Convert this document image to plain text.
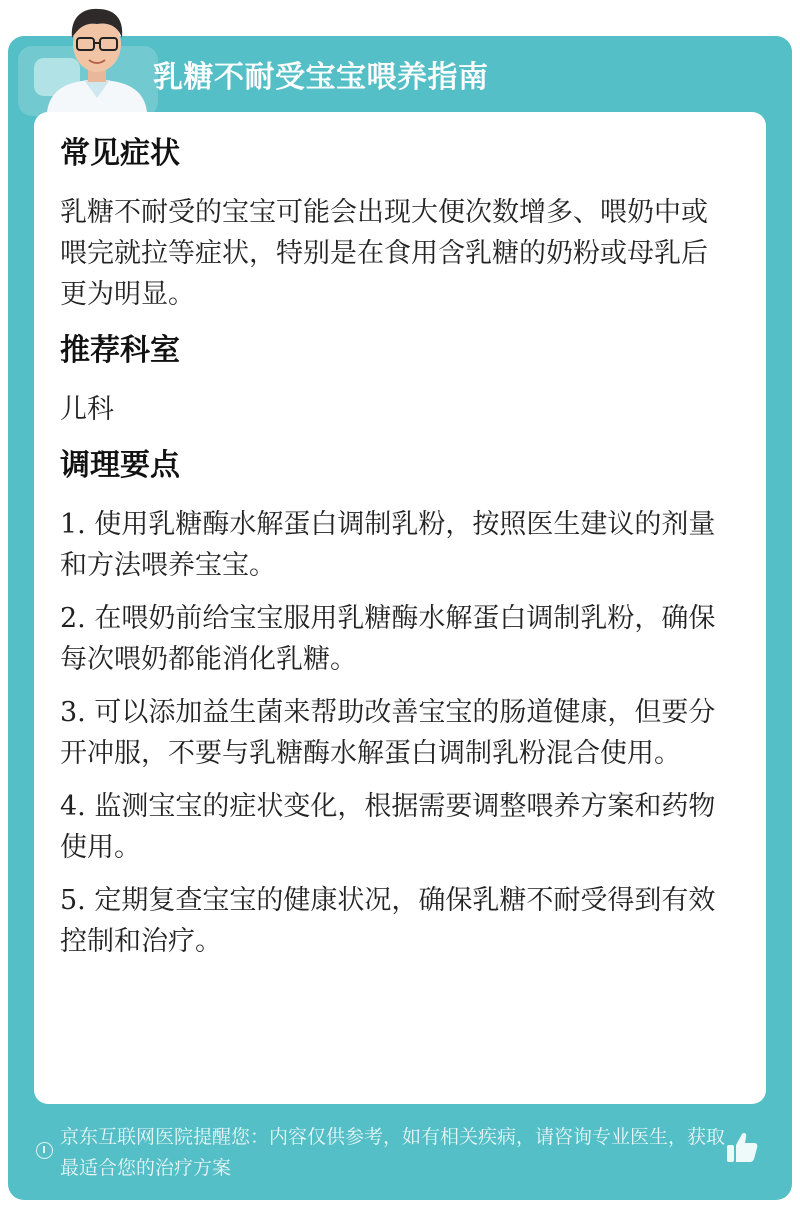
乳糖不耐受宝宝喂养指南
常见症状
乳糖不耐受的宝宝可能会出现大便次数增多、喂奶中或喂完就拉等症状，特别是在食用含乳糖的奶粉或母乳后更为明显。
推荐科室
儿科
调理要点
1. 使用乳糖酶水解蛋白调制乳粉，按照医生建议的剂量和方法喂养宝宝。
2. 在喂奶前给宝宝服用乳糖酶水解蛋白调制乳粉，确保每次喂奶都能消化乳糖。
3. 可以添加益生菌来帮助改善宝宝的肠道健康，但要分开冲服，不要与乳糖酶水解蛋白调制乳粉混合使用。
4. 监测宝宝的症状变化，根据需要调整喂养方案和药物使用。
5. 定期复查宝宝的健康状况，确保乳糖不耐受得到有效控制和治疗。
京东互联网医院提醒您：内容仅供参考，如有相关疾病，请咨询专业医生，获取最适合您的治疗方案
